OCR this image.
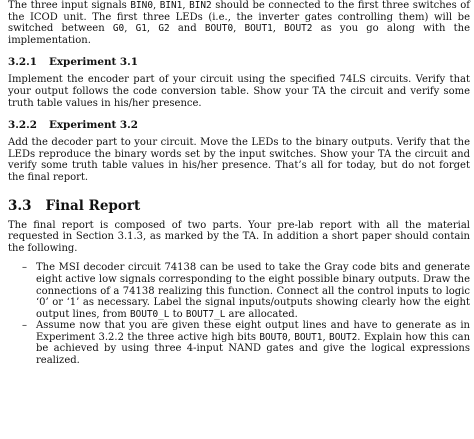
The three input signals BIN0, BIN1, BIN2 should be connected to the first three switches of the ICOD unit. The first three LEDs (i.e., the inverter gates controlling them) will be switched between G0, G1, G2 and BOUT0, BOUT1, BOUT2 as you go along with the implementation.

3.2.1 Experiment 3.1

Implement the encoder part of your circuit using the specified 74LS circuits. Verify that your output follows the code conversion table. Show your TA the circuit and verify some truth table values in his/her presence.

3.2.2 Experiment 3.2

Add the decoder part to your circuit. Move the LEDs to the binary outputs. Verify that the LEDs reproduce the binary words set by the input switches. Show your TA the circuit and verify some truth table values in his/her presence. That’s all for today, but do not forget the final report.

3.3 Final Report

The final report is composed of two parts. Your pre-lab report with all the material requested in Section 3.1.3, as marked by the TA. In addition a short paper should contain the following.

– The MSI decoder circuit 74138 can be used to take the Gray code bits and generate eight active low signals corresponding to the eight possible binary outputs. Draw the connections of a 74138 realizing this function. Connect all the control inputs to logic ‘0’ or ‘1’ as necessary. Label the signal inputs/outputs showing clearly how the eight output lines, from BOUT0_L to BOUT7_L are allocated.
– Assume now that you are given these eight output lines and have to generate as in Experiment 3.2.2 the three active high bits BOUT0, BOUT1, BOUT2. Explain how this can be achieved by using three 4-input NAND gates and give the logical expressions realized.
